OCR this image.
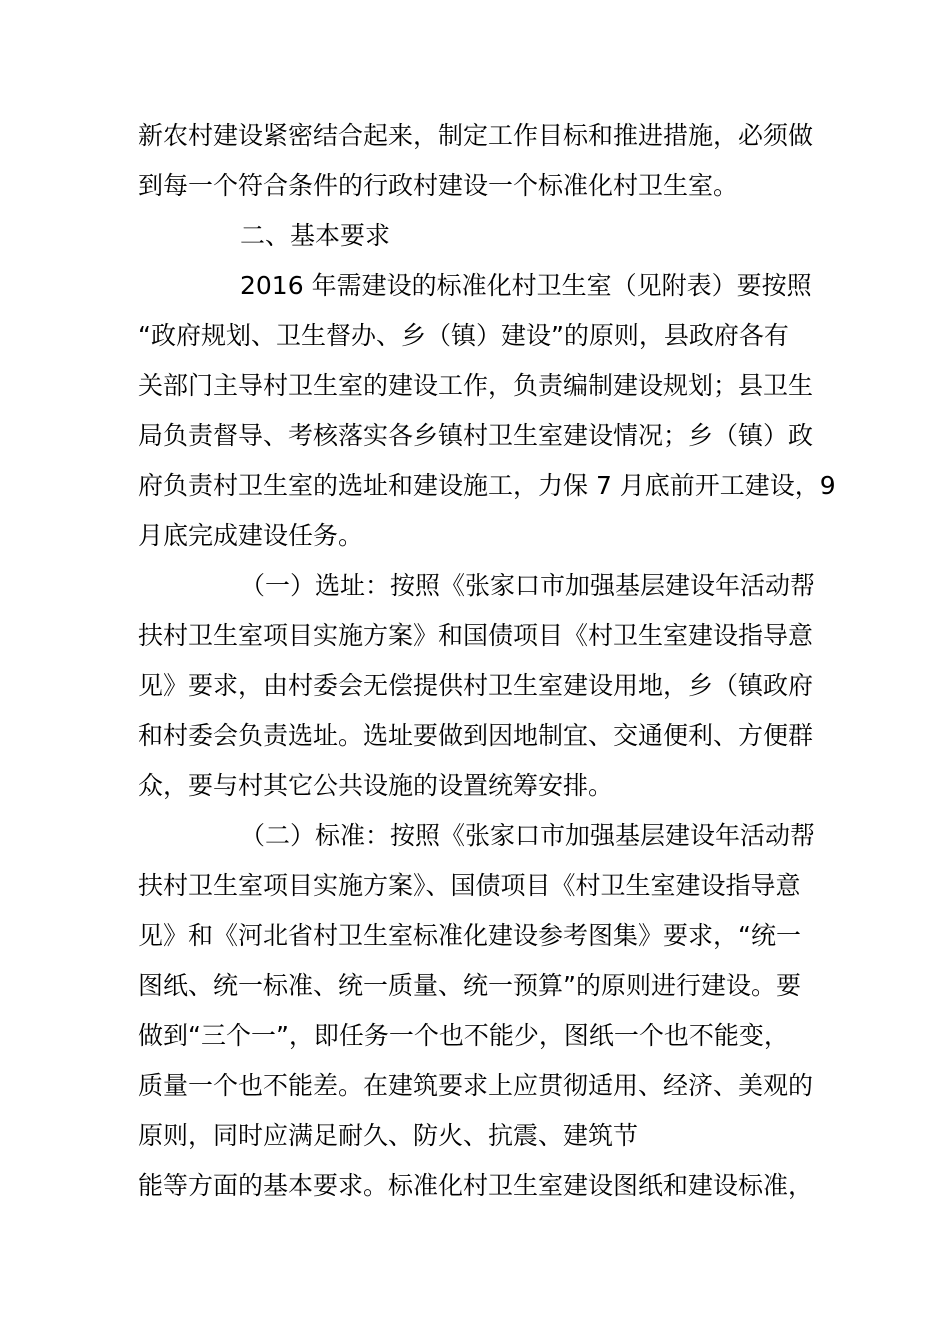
新农村建设紧密结合起来，制定工作目标和推进措施，必须做
到每一个符合条件的行政村建设一个标准化村卫生室。
二、基本要求
2016 年需建设的标准化村卫生室（见附表）要按照
“政府规划、卫生督办、乡（镇）建设”的原则，县政府各有
关部门主导村卫生室的建设工作，负责编制建设规划；县卫生
局负责督导、考核落实各乡镇村卫生室建设情况；乡（镇）政
府负责村卫生室的选址和建设施工，力保 7 月底前开工建设，9
月底完成建设任务。
（一）选址：按照《张家口市加强基层建设年活动帮
扶村卫生室项目实施方案》和国债项目《村卫生室建设指导意
见》要求，由村委会无偿提供村卫生室建设用地，乡（镇政府
和村委会负责选址。选址要做到因地制宜、交通便利、方便群
众，要与村其它公共设施的设置统筹安排。
（二）标准：按照《张家口市加强基层建设年活动帮
扶村卫生室项目实施方案》、国债项目《村卫生室建设指导意
见》和《河北省村卫生室标准化建设参考图集》要求，“统一
图纸、统一标准、统一质量、统一预算”的原则进行建设。要
做到“三个一”，即任务一个也不能少，图纸一个也不能变，
质量一个也不能差。在建筑要求上应贯彻适用、经济、美观的
原则，同时应满足耐久、防火、抗震、建筑节
能等方面的基本要求。标准化村卫生室建设图纸和建设标准，
